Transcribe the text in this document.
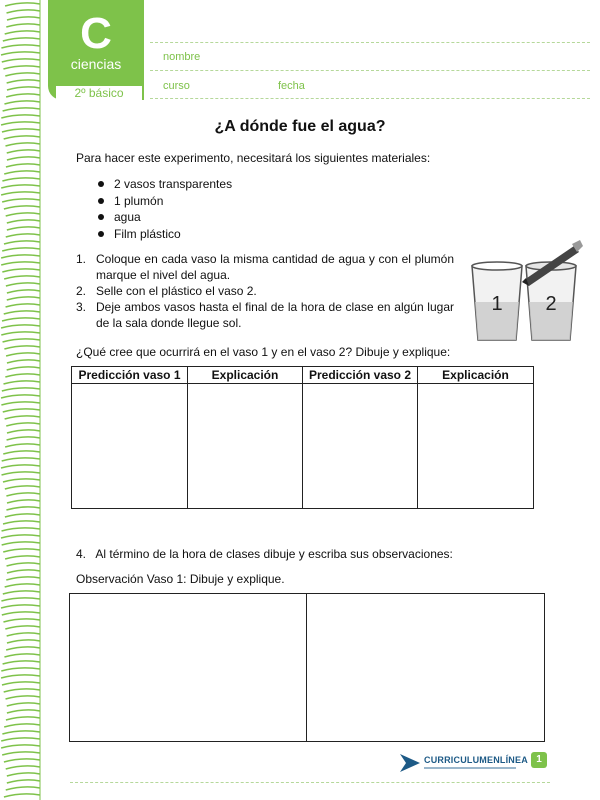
C
ciencias
2º básico
nombre
curso	fecha
¿A dónde fue el agua?
Para hacer este experimento, necesitará los siguientes materiales:
2 vasos transparentes
1 plumón
agua
Film plástico
1. Coloque en cada vaso la misma cantidad de agua y con el plumón marque el nivel del agua.
2. Selle con el plástico el vaso 2.
3. Deje ambos vasos hasta el final de la hora de clase en algún lugar de la sala donde llegue sol.
1 2
¿Qué cree que ocurrirá en el vaso 1 y en el vaso 2? Dibuje y explique:
Predicción vaso 1	Explicación	Predicción vaso 2	Explicación

4. Al término de la hora de clases dibuje y escriba sus observaciones:
Observación Vaso 1: Dibuje y explique.
CURRICULUMENLÍNEA 1
